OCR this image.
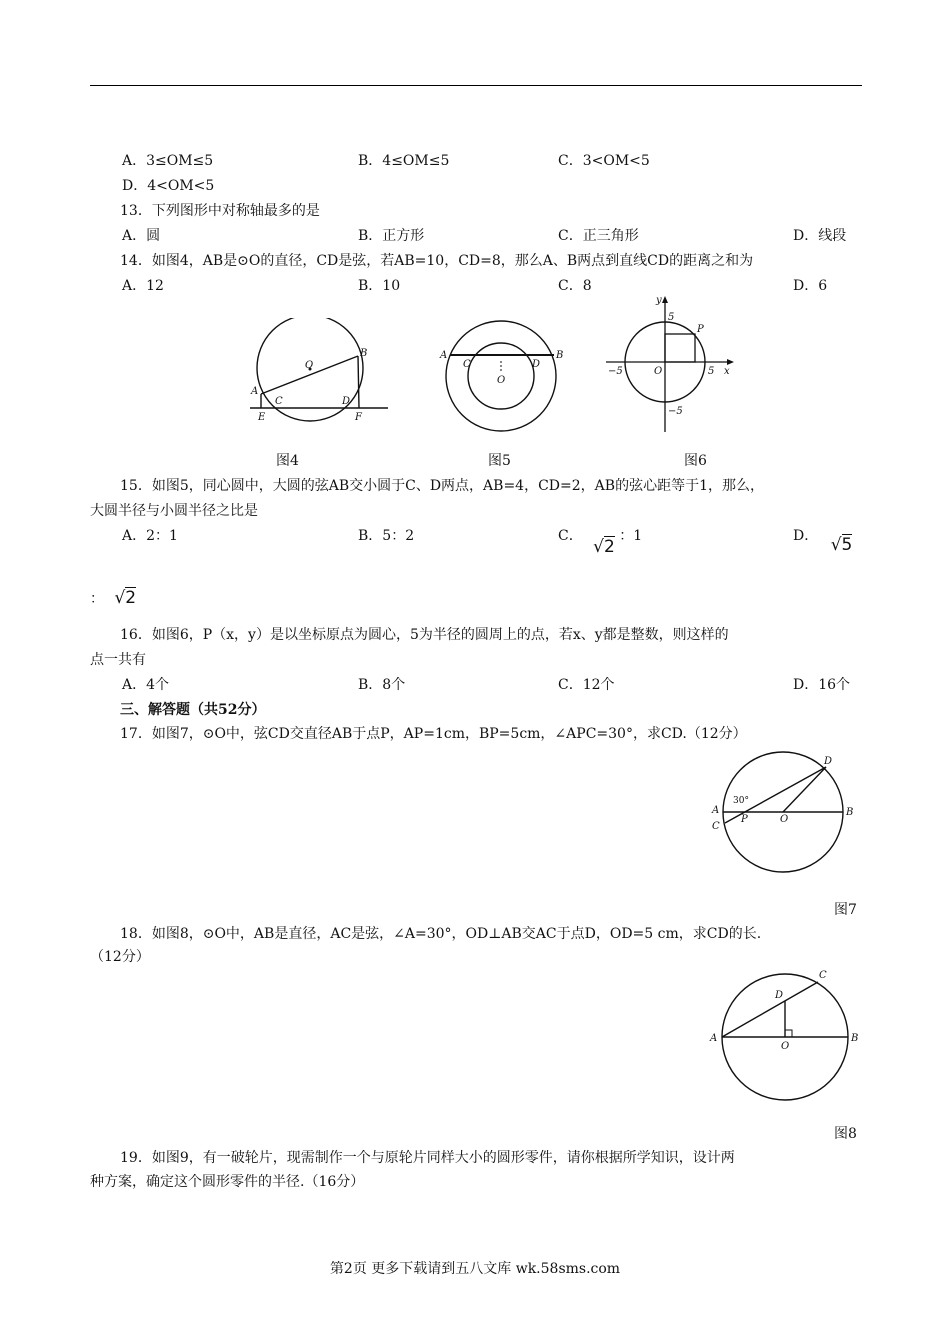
A．3≤OM≤5	B．4≤OM≤5	C．3<OM<5
D．4<OM<5
13．下列图形中对称轴最多的是
A．圆	B．正方形	C．正三角形	D．线段
14．如图4，AB是⊙O的直径，CD是弦，若AB=10，CD=8，那么A、B两点到直线CD的距离之和为
A．12	B．10	C．8	D．6
A
B
O
C	D
E	F
图4
A	B
C	D
O
图5
y
x
5
P
−5	O	5
−5
图6
15．如图5，同心圆中，大圆的弦AB交小圆于C、D两点，AB=4，CD=2，AB的弦心距等于1，那么，
大圆半径与小圆半径之比是
A．2：1	B．5：2	C． √2 ：1	D． √5
： √2
16．如图6，P（x，y）是以坐标原点为圆心，5为半径的圆周上的点，若x、y都是整数，则这样的
点一共有
A．4个	B．8个	C．12个	D．16个
三、解答题（共52分）
17．如图7，⊙O中，弦CD交直径AB于点P，AP=1cm，BP=5cm，∠APC=30°，求CD.（12分）
D
30°
A
P	O
B
C
图7
18．如图8，⊙O中，AB是直径，AC是弦，∠A=30°，OD⊥AB交AC于点D，OD=5 cm，求CD的长.
（12分）
C
D
A
O
B
图8
19．如图9，有一破轮片，现需制作一个与原轮片同样大小的圆形零件，请你根据所学知识，设计两
种方案，确定这个圆形零件的半径.（16分）
第2页 更多下载请到五八文库 wk.58sms.com
